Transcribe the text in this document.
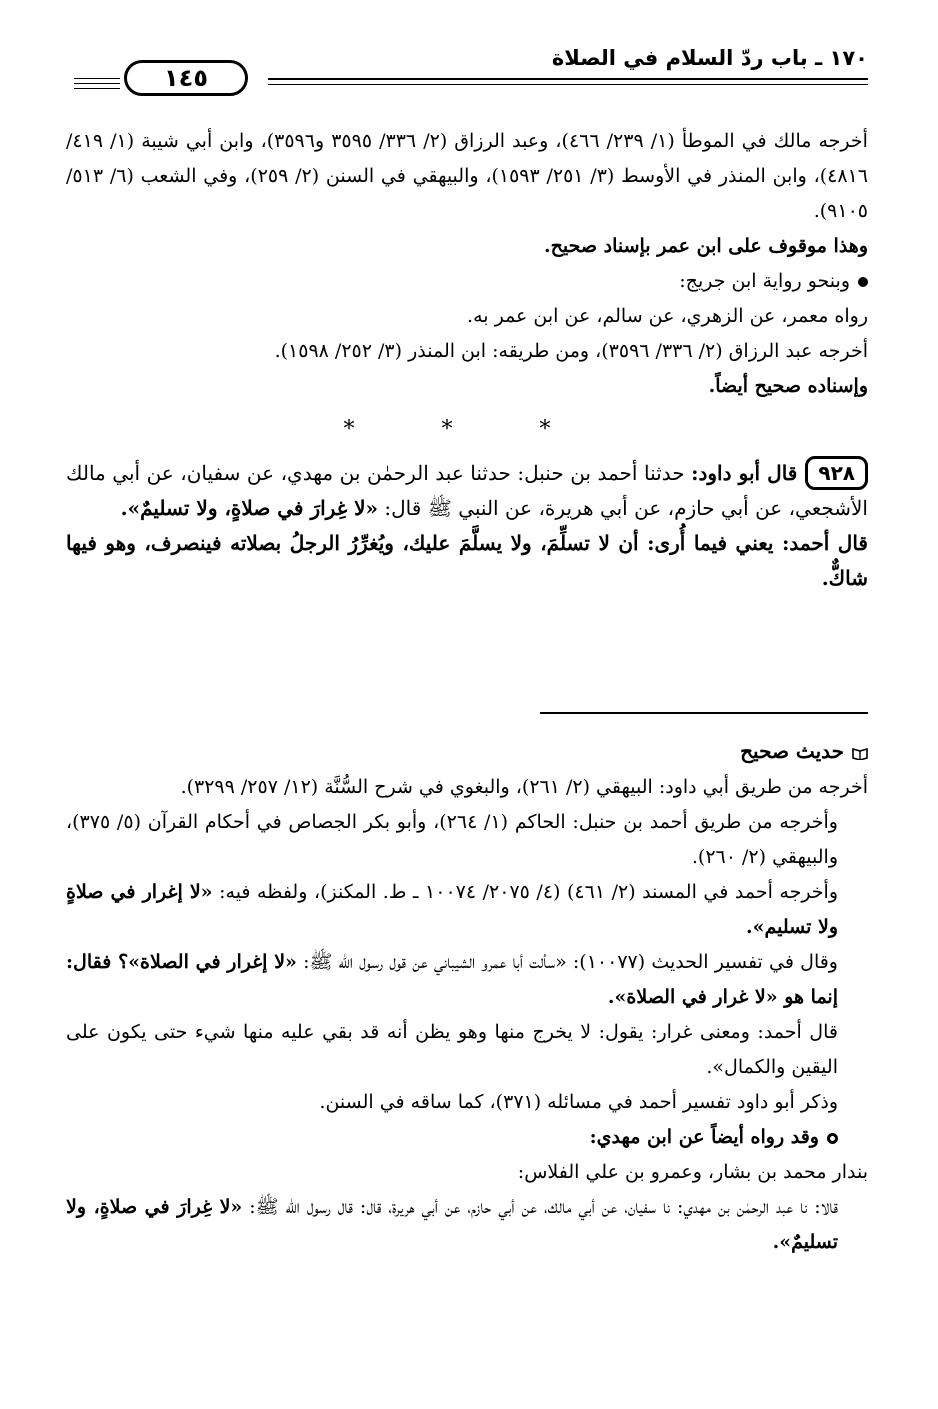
١٧٠ ـ باب ردّ السلام في الصلاة
١٤٥

أخرجه مالك في الموطأ (١/ ٢٣٩/ ٤٦٦)، وعبد الرزاق (٢/ ٣٣٦/ ٣٥٩٥ و٣٥٩٦)، وابن أبي شيبة (١/ ٤١٩/ ٤٨١٦)، وابن المنذر في الأوسط (٣/ ٢٥١/ ١٥٩٣)، والبيهقي في السنن (٢/ ٢٥٩)، وفي الشعب (٦/ ٥١٣/ ٩١٠٥).

وهذا موقوف على ابن عمر بإسناد صحيح.

وبنحو رواية ابن جريج:

رواه معمر، عن الزهري، عن سالم، عن ابن عمر به.

أخرجه عبد الرزاق (٢/ ٣٣٦/ ٣٥٩٦)، ومن طريقه: ابن المنذر (٣/ ٢٥٢/ ١٥٩٨).

وإسناده صحيح أيضاً.

* * *

٩٢٨قال أبو داود: حدثنا أحمد بن حنبل: حدثنا عبد الرحمٰن بن مهدي، عن سفيان، عن أبي مالك الأشجعي، عن أبي حازم، عن أبي هريرة، عن النبي ﷺ قال: «لا غِرارَ في صلاةٍ، ولا تسليمٌ».

قال أحمد: يعني فيما أُرى: أن لا تسلِّمَ، ولا يسلَّمَ عليك، ويُغرِّرُ الرجلُ بصلاته فينصرف، وهو فيها شاكٌّ.

حديث صحيح

أخرجه من طريق أبي داود: البيهقي (٢/ ٢٦١)، والبغوي في شرح السُّنَّة (١٢/ ٢٥٧/ ٣٢٩٩).

وأخرجه من طريق أحمد بن حنبل: الحاكم (١/ ٢٦٤)، وأبو بكر الجصاص في أحكام القرآن (٥/ ٣٧٥)، والبيهقي (٢/ ٢٦٠).

وأخرجه أحمد في المسند (٢/ ٤٦١) (٤/ ٢٠٧٥/ ١٠٠٧٤ ـ ط. المكنز)، ولفظه فيه: «لا إغرار في صلاةٍ ولا تسليم».

وقال في تفسير الحديث (١٠٠٧٧): «سألت أبا عمرو الشيباني عن قول رسول الله ﷺ: «لا إغرار في الصلاة»؟ فقال: إنما هو «لا غرار في الصلاة».

قال أحمد: ومعنى غرار: يقول: لا يخرج منها وهو يظن أنه قد بقي عليه منها شيء حتى يكون على اليقين والكمال».

وذكر أبو داود تفسير أحمد في مسائله (٣٧١)، كما ساقه في السنن.

وقد رواه أيضاً عن ابن مهدي:

بندار محمد بن بشار، وعمرو بن علي الفلاس:

قالا: نا عبد الرحمٰن بن مهدي: نا سفيان، عن أبي مالك، عن أبي حازم، عن أبي هريرة، قال: قال رسول الله ﷺ: «لا غِرارَ في صلاةٍ، ولا تسليمٌ».
